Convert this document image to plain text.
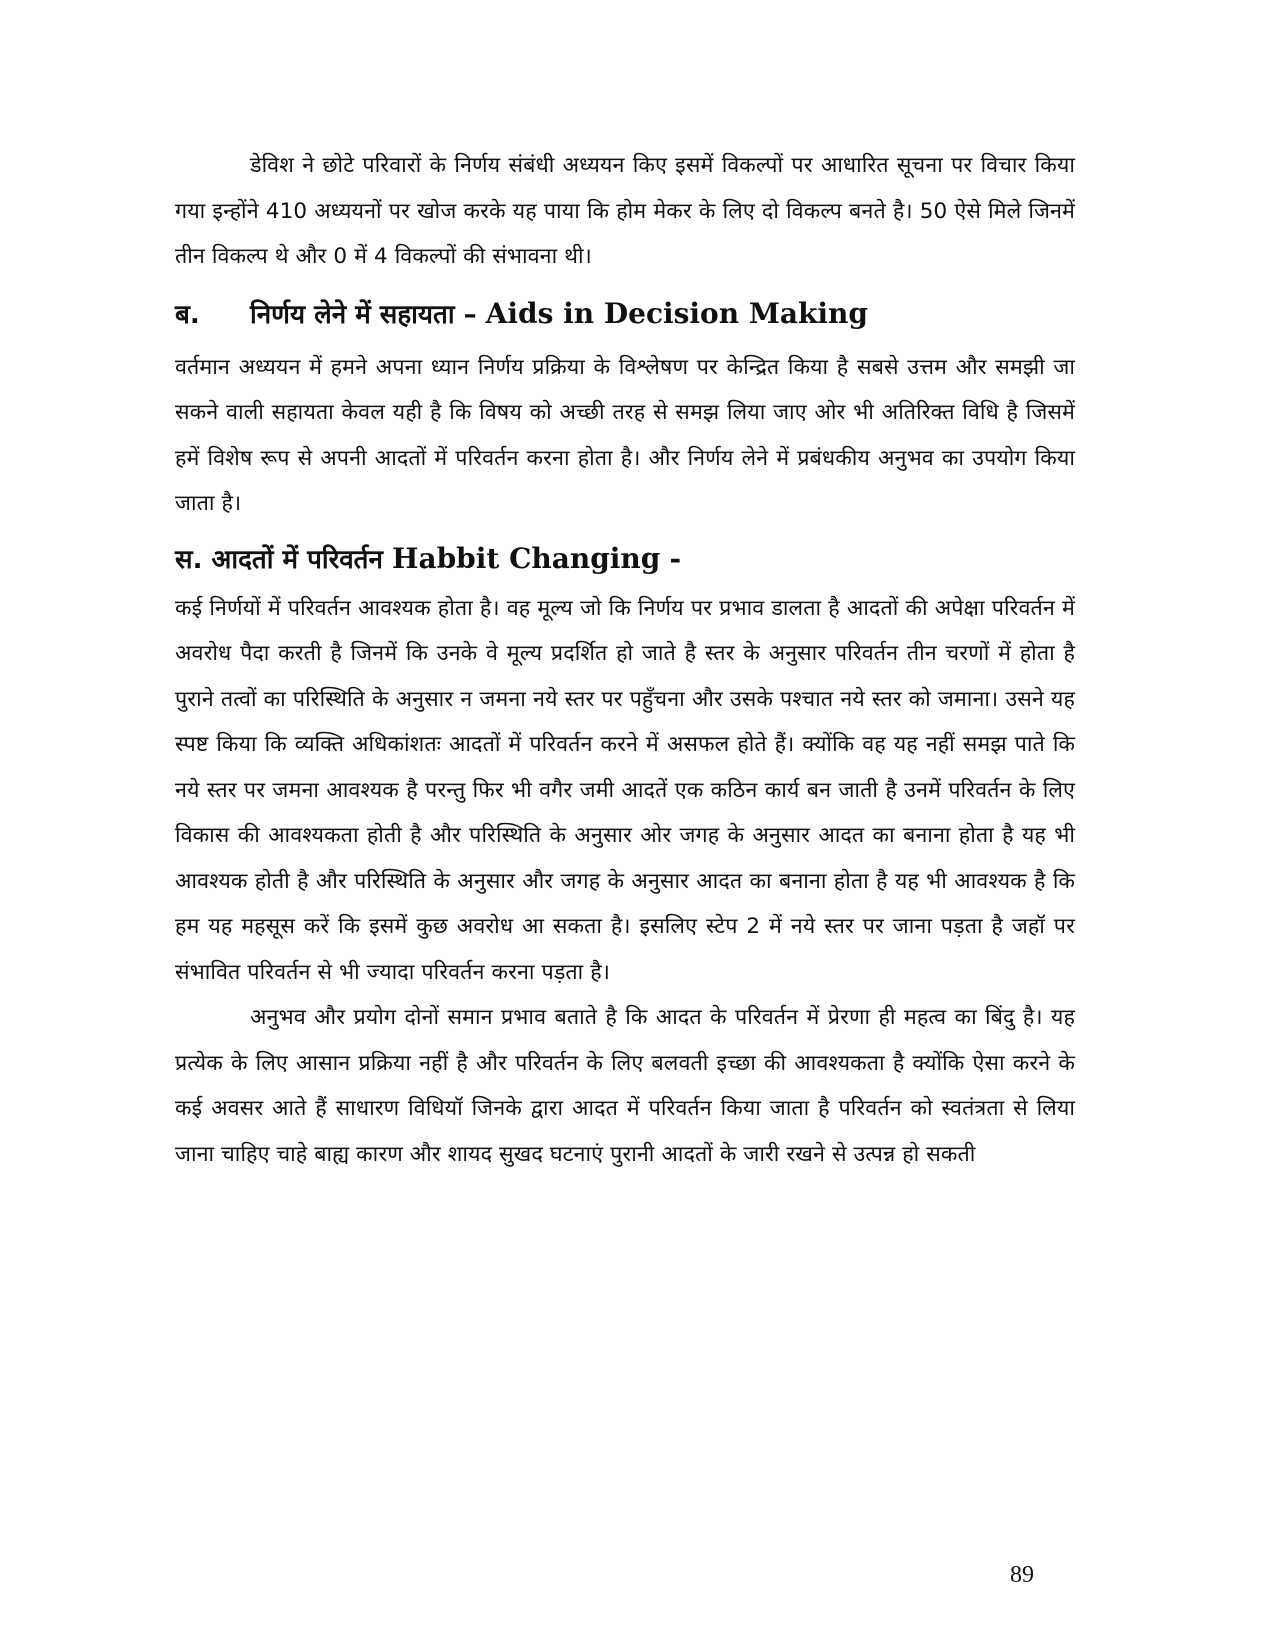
डेविश ने छोटे परिवारों के निर्णय संबंधी अध्ययन किए इसमें विकल्पों पर आधारित सूचना पर विचार किया गया इन्होंने 410 अध्ययनों पर खोज करके यह पाया कि होम मेकर के लिए दो विकल्प बनते है। 50 ऐसे मिले जिनमें तीन विकल्प थे और 0 में 4 विकल्पों की संभावना थी।

ब. निर्णय लेने में सहायता – Aids in Decision Making

वर्तमान अध्ययन में हमने अपना ध्यान निर्णय प्रक्रिया के विश्लेषण पर केन्द्रित किया है सबसे उत्तम और समझी जा सकने वाली सहायता केवल यही है कि विषय को अच्छी तरह से समझ लिया जाए ओर भी अतिरिक्त विधि है जिसमें हमें विशेष रूप से अपनी आदतों में परिवर्तन करना होता है। और निर्णय लेने में प्रबंधकीय अनुभव का उपयोग किया जाता है।

स. आदतों में परिवर्तन Habbit Changing -

कई निर्णयों में परिवर्तन आवश्यक होता है। वह मूल्य जो कि निर्णय पर प्रभाव डालता है आदतों की अपेक्षा परिवर्तन में अवरोध पैदा करती है जिनमें कि उनके वे मूल्य प्रदर्शित हो जाते है स्तर के अनुसार परिवर्तन तीन चरणों में होता है पुराने तत्वों का परिस्थिति के अनुसार न जमना नये स्तर पर पहुँचना और उसके पश्चात नये स्तर को जमाना। उसने यह स्पष्ट किया कि व्यक्ति अधिकांशतः आदतों में परिवर्तन करने में असफल होते हैं। क्योंकि वह यह नहीं समझ पाते कि नये स्तर पर जमना आवश्यक है परन्तु फिर भी वगैर जमी आदतें एक कठिन कार्य बन जाती है उनमें परिवर्तन के लिए विकास की आवश्यकता होती है और परिस्थिति के अनुसार ओर जगह के अनुसार आदत का बनाना होता है यह भी आवश्यक होती है और परिस्थिति के अनुसार और जगह के अनुसार आदत का बनाना होता है यह भी आवश्यक है कि हम यह महसूस करें कि इसमें कुछ अवरोध आ सकता है। इसलिए स्टेप 2 में नये स्तर पर जाना पड़ता है जहॉ पर संभावित परिवर्तन से भी ज्यादा परिवर्तन करना पड़ता है।

अनुभव और प्रयोग दोनों समान प्रभाव बताते है कि आदत के परिवर्तन में प्रेरणा ही महत्व का बिंदु है। यह प्रत्येक के लिए आसान प्रक्रिया नहीं है और परिवर्तन के लिए बलवती इच्छा की आवश्यकता है क्योंकि ऐसा करने के कई अवसर आते हैं साधारण विधियॉ जिनके द्वारा आदत में परिवर्तन किया जाता है परिवर्तन को स्वतंत्रता से लिया जाना चाहिए चाहे बाह्य कारण और शायद सुखद घटनाएं पुरानी आदतों के जारी रखने से उत्पन्न हो सकती

89
